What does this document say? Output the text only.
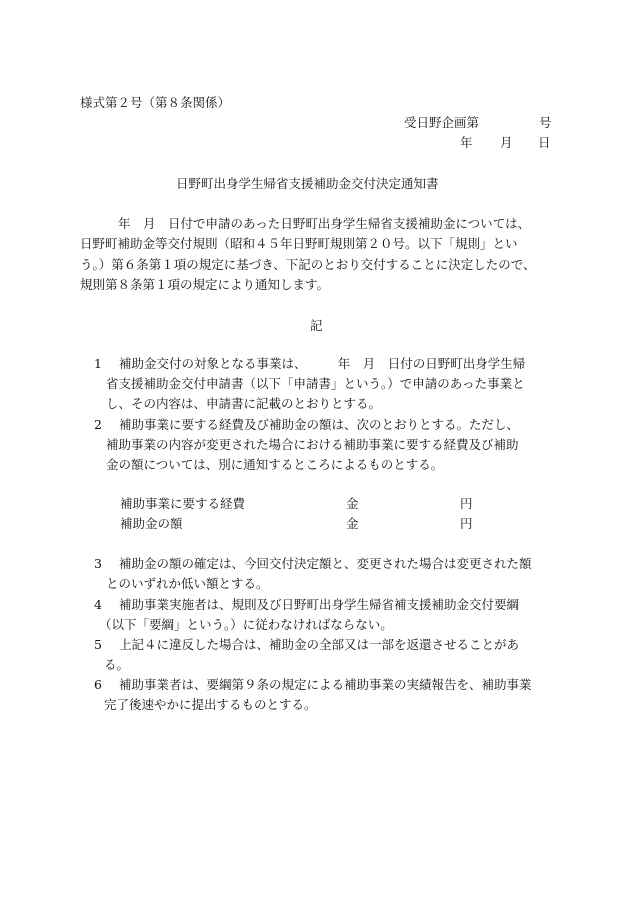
様式第２号（第８条関係）
受日野企画第	号
年 月 日
日野町出身学生帰省支援補助金交付決定通知書
年　月　日付で申請のあった日野町出身学生帰省支援補助金については、
日野町補助金等交付規則（昭和４５年日野町規則第２０号。以下「規則」とい
う。）第６条第１項の規定に基づき、下記のとおり交付することに決定したので、
規則第８条第１項の規定により通知します。
記
1 補助金交付の対象となる事業は、　　　年　月　日付の日野町出身学生帰
省支援補助金交付申請書（以下「申請書」という。）で申請のあった事業と
し、その内容は、申請書に記載のとおりとする。
2 補助事業に要する経費及び補助金の額は、次のとおりとする。ただし、
補助事業の内容が変更された場合における補助事業に要する経費及び補助
金の額については、別に通知するところによるものとする。
補助事業に要する経費	金	円
補助金の額	金	円
3 補助金の額の確定は、今回交付決定額と、変更された場合は変更された額
とのいずれか低い額とする。
4 補助事業実施者は、規則及び日野町出身学生帰省補支援補助金交付要綱
（以下「要綱」という。）に従わなければならない。
5 上記４に違反した場合は、補助金の全部又は一部を返還させることがあ
る。
6 補助事業者は、要綱第９条の規定による補助事業の実績報告を、補助事業
完了後速やかに提出するものとする。
